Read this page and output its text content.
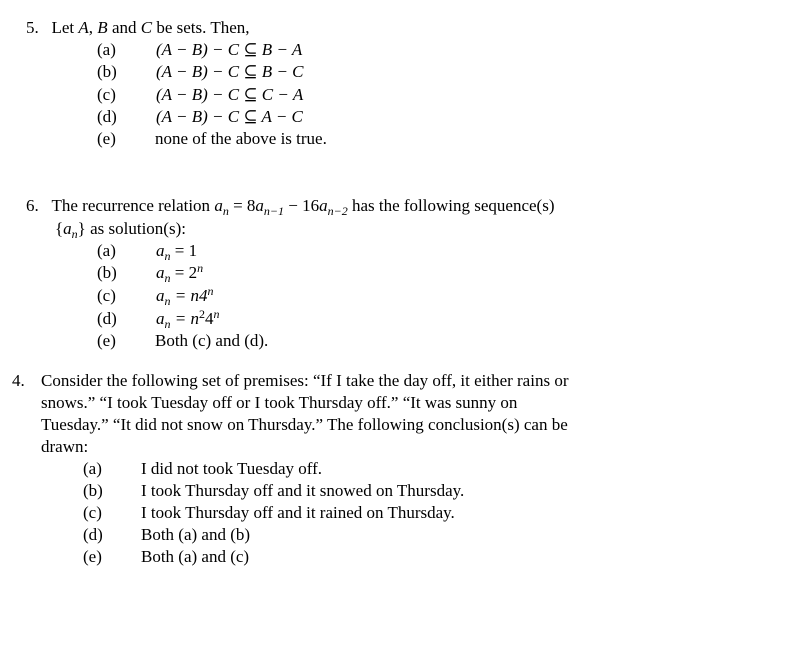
5. Let A, B and C be sets. Then,
(a) (A − B) − C ⊆ B − A
(b) (A − B) − C ⊆ B − C
(c) (A − B) − C ⊆ C − A
(d) (A − B) − C ⊆ A − C
(e) none of the above is true.
6. The recurrence relation $a_n = 8a_{n-1} - 16a_{n-2}$ has the following sequence(s)
$\{a_n\}$ as solution(s):
(a) $a_n = 1$
(b) $a_n = 2^n$
(c) $a_n = n4^n$
(d) $a_n = n^24^n$
(e) Both (c) and (d).
4. Consider the following set of premises: “If I take the day off, it either rains or
snows.” “I took Tuesday off or I took Thursday off.” “It was sunny on
Tuesday.” “It did not snow on Thursday.” The following conclusion(s) can be
drawn:
(a) I did not took Tuesday off.
(b) I took Thursday off and it snowed on Thursday.
(c) I took Thursday off and it rained on Thursday.
(d) Both (a) and (b)
(e) Both (a) and (c)
